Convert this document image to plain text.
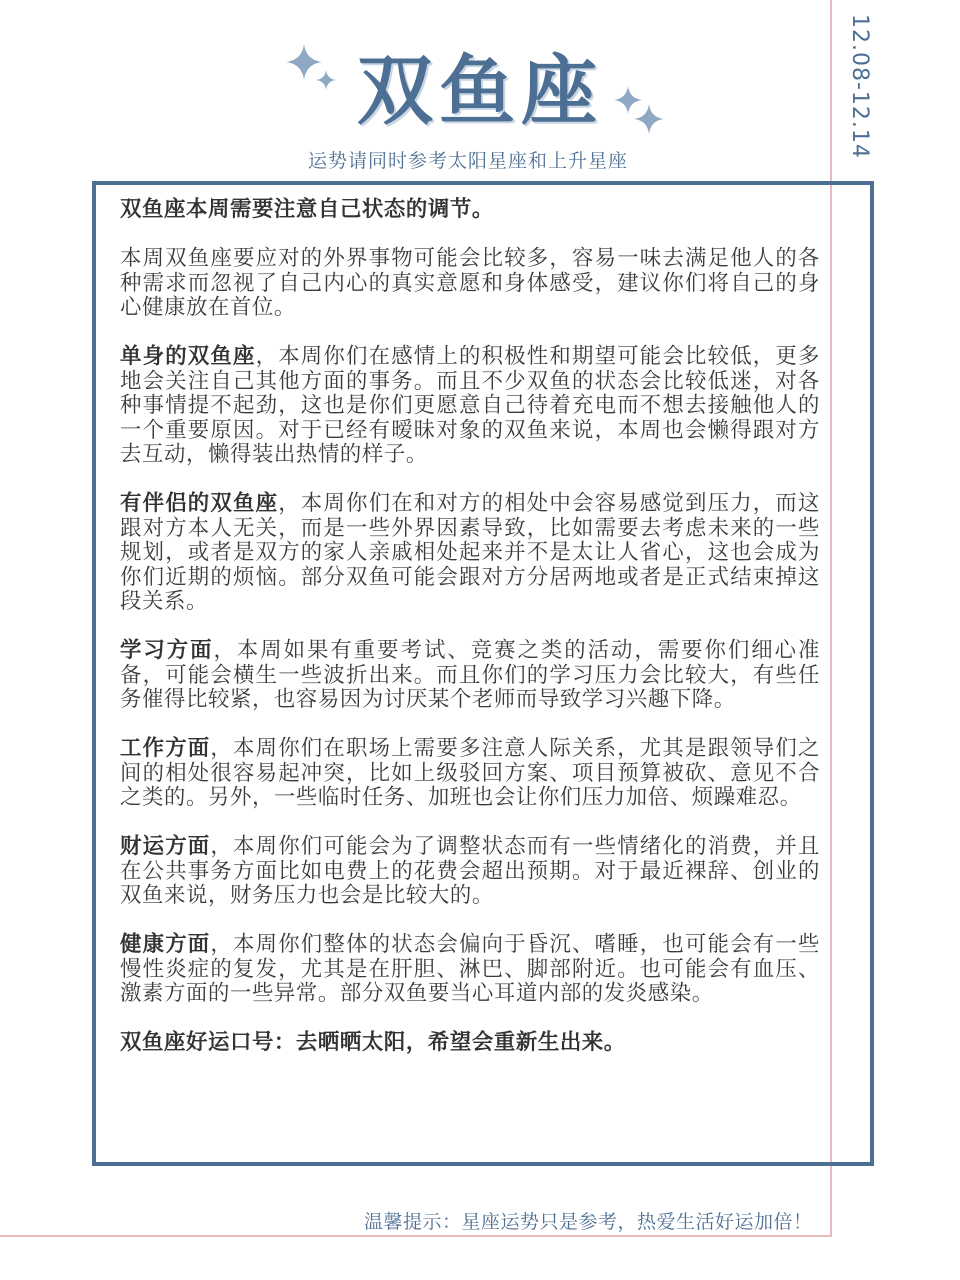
12.08-12.14
双鱼座
运势请同时参考太阳星座和上升星座

双鱼座本周需要注意自己状态的调节。

本周双鱼座要应对的外界事物可能会比较多，容易一味去满足他人的各种需求而忽视了自己内心的真实意愿和身体感受，建议你们将自己的身心健康放在首位。

单身的双鱼座，本周你们在感情上的积极性和期望可能会比较低，更多地会关注自己其他方面的事务。而且不少双鱼的状态会比较低迷，对各种事情提不起劲，这也是你们更愿意自己待着充电而不想去接触他人的一个重要原因。对于已经有暧昧对象的双鱼来说，本周也会懒得跟对方去互动，懒得装出热情的样子。

有伴侣的双鱼座，本周你们在和对方的相处中会容易感觉到压力，而这跟对方本人无关，而是一些外界因素导致，比如需要去考虑未来的一些规划，或者是双方的家人亲戚相处起来并不是太让人省心，这也会成为你们近期的烦恼。部分双鱼可能会跟对方分居两地或者是正式结束掉这段关系。

学习方面，本周如果有重要考试、竞赛之类的活动，需要你们细心准备，可能会横生一些波折出来。而且你们的学习压力会比较大，有些任务催得比较紧，也容易因为讨厌某个老师而导致学习兴趣下降。

工作方面，本周你们在职场上需要多注意人际关系，尤其是跟领导们之间的相处很容易起冲突，比如上级驳回方案、项目预算被砍、意见不合之类的。另外，一些临时任务、加班也会让你们压力加倍、烦躁难忍。

财运方面，本周你们可能会为了调整状态而有一些情绪化的消费，并且在公共事务方面比如电费上的花费会超出预期。对于最近裸辞、创业的双鱼来说，财务压力也会是比较大的。

健康方面，本周你们整体的状态会偏向于昏沉、嗜睡，也可能会有一些慢性炎症的复发，尤其是在肝胆、淋巴、脚部附近。也可能会有血压、激素方面的一些异常。部分双鱼要当心耳道内部的发炎感染。

双鱼座好运口号：去晒晒太阳，希望会重新生出来。

温馨提示：星座运势只是参考，热爱生活好运加倍！
